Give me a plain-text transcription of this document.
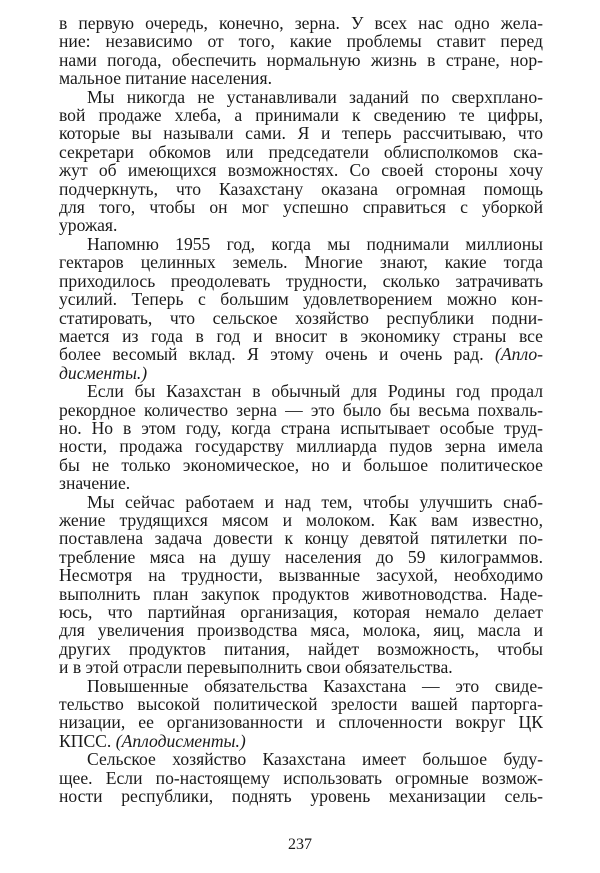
в первую очередь, конечно, зерна. У всех нас одно жела-
ние: независимо от того, какие проблемы ставит перед
нами погода, обеспечить нормальную жизнь в стране, нор-
мальное питание населения.
Мы никогда не устанавливали заданий по сверхплано-
вой продаже хлеба, а принимали к сведению те цифры,
которые вы называли сами. Я и теперь рассчитываю, что
секретари обкомов или председатели облисполкомов ска-
жут об имеющихся возможностях. Со своей стороны хочу
подчеркнуть, что Казахстану оказана огромная помощь
для того, чтобы он мог успешно справиться с уборкой
урожая.
Напомню 1955 год, когда мы поднимали миллионы
гектаров целинных земель. Многие знают, какие тогда
приходилось преодолевать трудности, сколько затрачивать
усилий. Теперь с большим удовлетворением можно кон-
статировать, что сельское хозяйство республики подни-
мается из года в год и вносит в экономику страны все
более весомый вклад. Я этому очень и очень рад. (Апло-
дисменты.)
Если бы Казахстан в обычный для Родины год продал
рекордное количество зерна — это было бы весьма похваль-
но. Но в этом году, когда страна испытывает особые труд-
ности, продажа государству миллиарда пудов зерна имела
бы не только экономическое, но и большое политическое
значение.
Мы сейчас работаем и над тем, чтобы улучшить снаб-
жение трудящихся мясом и молоком. Как вам известно,
поставлена задача довести к концу девятой пятилетки по-
требление мяса на душу населения до 59 килограммов.
Несмотря на трудности, вызванные засухой, необходимо
выполнить план закупок продуктов животноводства. Наде-
юсь, что партийная организация, которая немало делает
для увеличения производства мяса, молока, яиц, масла и
других продуктов питания, найдет возможность, чтобы
и в этой отрасли перевыполнить свои обязательства.
Повышенные обязательства Казахстана — это свиде-
тельство высокой политической зрелости вашей парторга-
низации, ее организованности и сплоченности вокруг ЦК
КПСС. (Аплодисменты.)
Сельское хозяйство Казахстана имеет большое буду-
щее. Если по-настоящему использовать огромные возмож-
ности республики, поднять уровень механизации сель-
237
